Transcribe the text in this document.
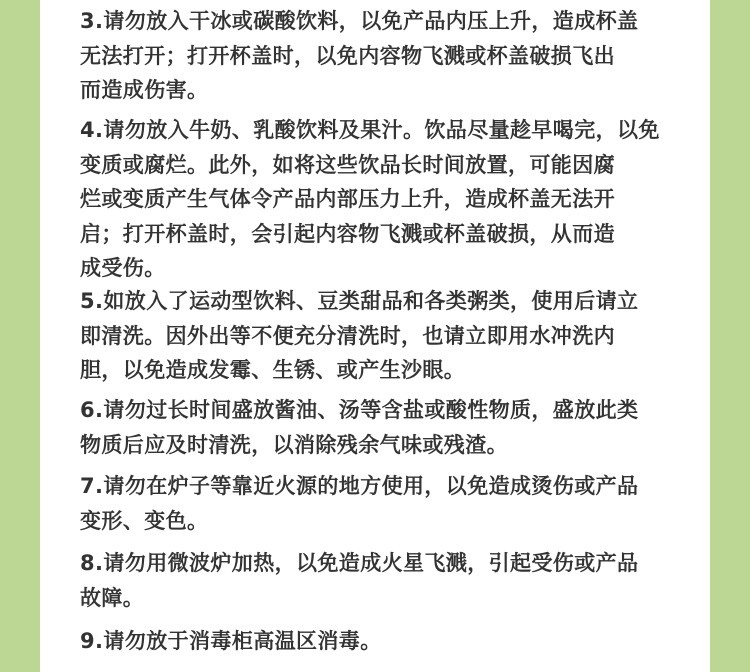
3.请勿放入干冰或碳酸饮料，以免产品内压上升，造成杯盖
无法打开；打开杯盖时，以免内容物飞溅或杯盖破损飞出
而造成伤害。

4.请勿放入牛奶、乳酸饮料及果汁。饮品尽量趁早喝完，以免
变质或腐烂。此外，如将这些饮品长时间放置，可能因腐
烂或变质产生气体令产品内部压力上升，造成杯盖无法开
启；打开杯盖时，会引起内容物飞溅或杯盖破损，从而造
成受伤。

5.如放入了运动型饮料、豆类甜品和各类粥类，使用后请立
即清洗。因外出等不便充分清洗时，也请立即用水冲洗内
胆，以免造成发霉、生锈、或产生沙眼。

6.请勿过长时间盛放酱油、汤等含盐或酸性物质，盛放此类
物质后应及时清洗，以消除残余气味或残渣。

7.请勿在炉子等靠近火源的地方使用，以免造成烫伤或产品
变形、变色。

8.请勿用微波炉加热，以免造成火星飞溅，引起受伤或产品
故障。

9.请勿放于消毒柜高温区消毒。
